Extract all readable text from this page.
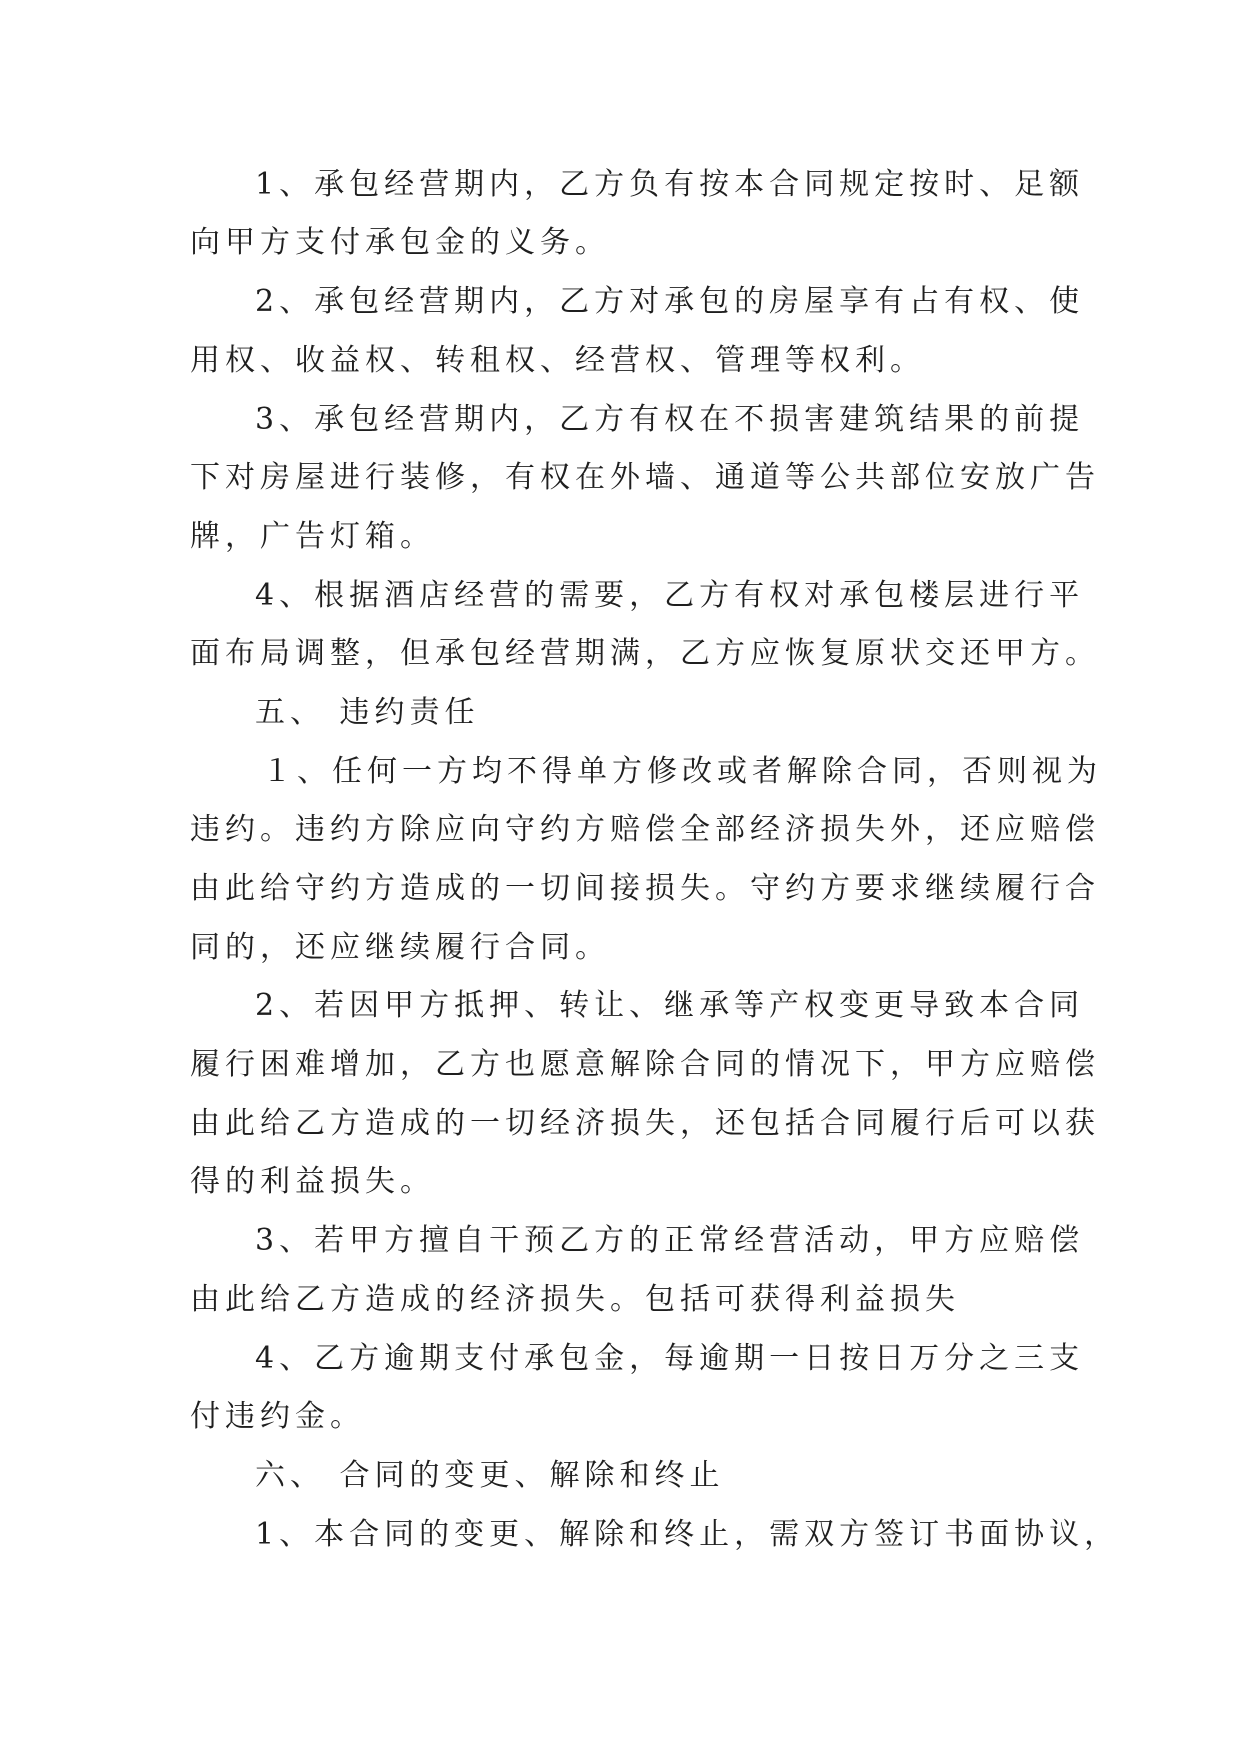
1、承包经营期内，乙方负有按本合同规定按时、足额
向甲方支付承包金的义务。
2、承包经营期内，乙方对承包的房屋享有占有权、使
用权、收益权、转租权、经营权、管理等权利。
3、承包经营期内，乙方有权在不损害建筑结果的前提
下对房屋进行装修，有权在外墙、通道等公共部位安放广告
牌，广告灯箱。
4、根据酒店经营的需要，乙方有权对承包楼层进行平
面布局调整，但承包经营期满，乙方应恢复原状交还甲方。
五、 违约责任
１、任何一方均不得单方修改或者解除合同，否则视为
违约。违约方除应向守约方赔偿全部经济损失外，还应赔偿
由此给守约方造成的一切间接损失。守约方要求继续履行合
同的，还应继续履行合同。
2、若因甲方抵押、转让、继承等产权变更导致本合同
履行困难增加，乙方也愿意解除合同的情况下，甲方应赔偿
由此给乙方造成的一切经济损失，还包括合同履行后可以获
得的利益损失。
3、若甲方擅自干预乙方的正常经营活动，甲方应赔偿
由此给乙方造成的经济损失。包括可获得利益损失
4、乙方逾期支付承包金，每逾期一日按日万分之三支
付违约金。
六、 合同的变更、解除和终止
1、本合同的变更、解除和终止，需双方签订书面协议，
